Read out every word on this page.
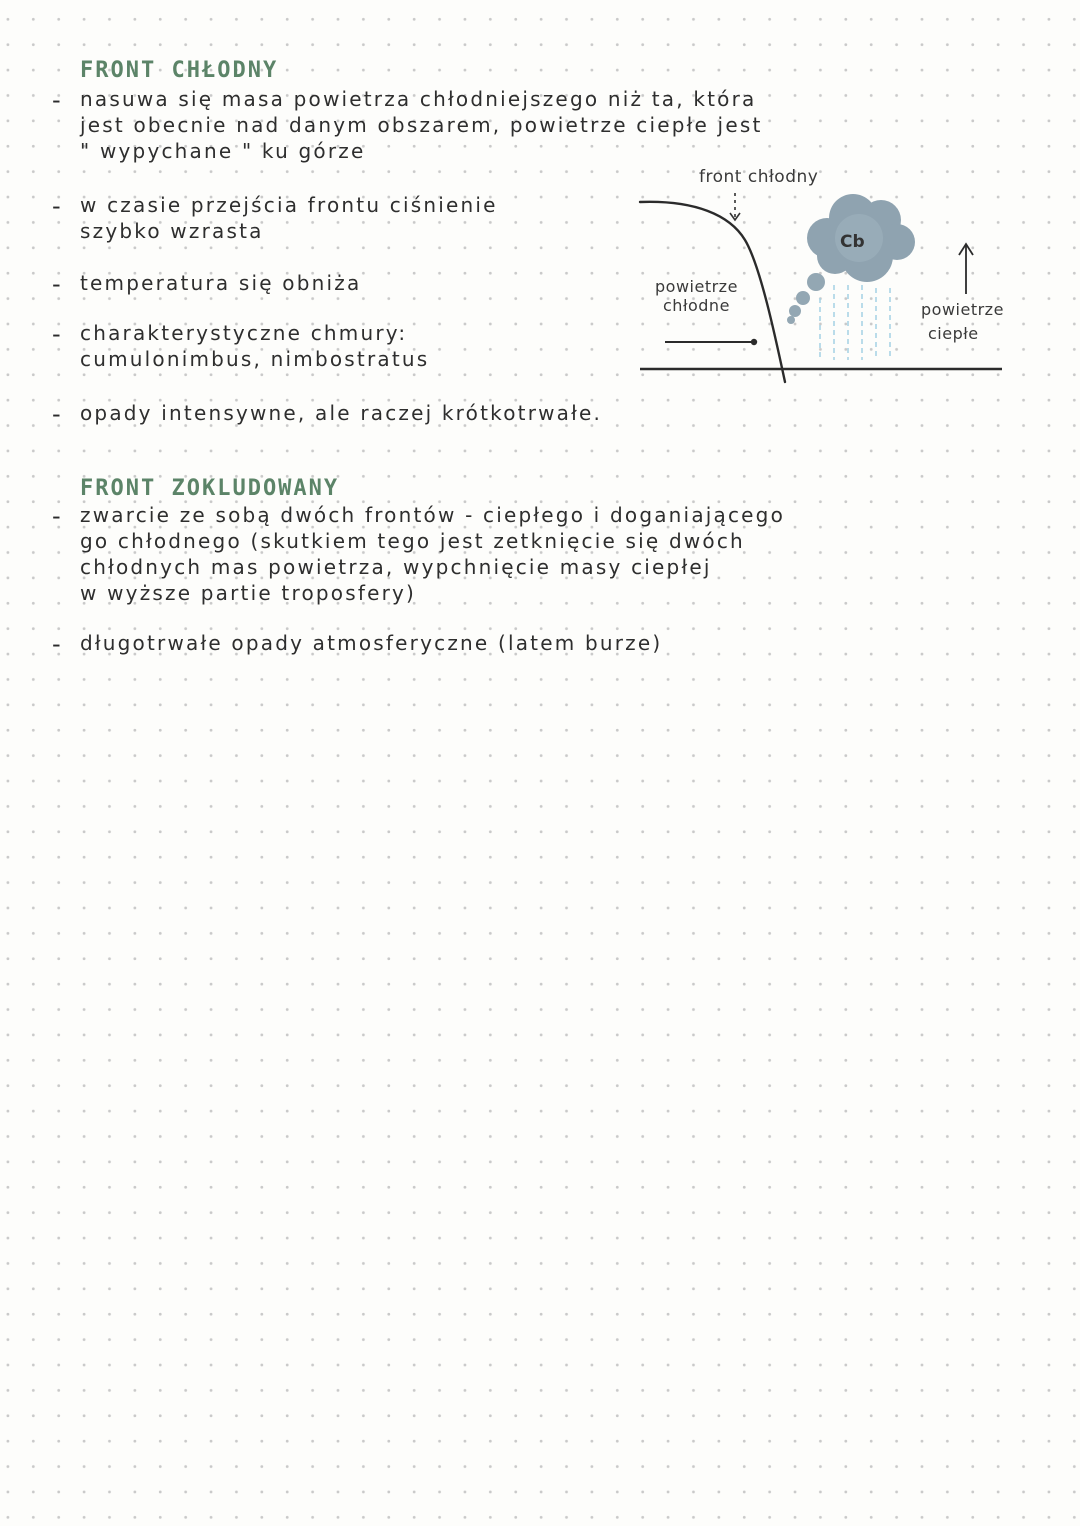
FRONT CHŁODNY
- nasuwa się masa powietrza chłodniejszego niż ta, która
jest obecnie nad danym obszarem, powietrze ciepłe jest
" wypychane " ku górze
- w czasie przejścia frontu ciśnienie
szybko wzrasta
- temperatura się obniża
- charakterystyczne chmury:
cumulonimbus, nimbostratus
- opady intensywne, ale raczej krótkotrwałe.

front chłodny

Cb

powietrze

chłodne	powietrze

ciepłe

FRONT ZOKLUDOWANY
- zwarcie ze sobą dwóch frontów - ciepłego i doganiającego
go chłodnego (skutkiem tego jest zetknięcie się dwóch
chłodnych mas powietrza, wypchnięcie masy ciepłej
w wyższe partie troposfery)
- długotrwałe opady atmosferyczne (latem burze)
